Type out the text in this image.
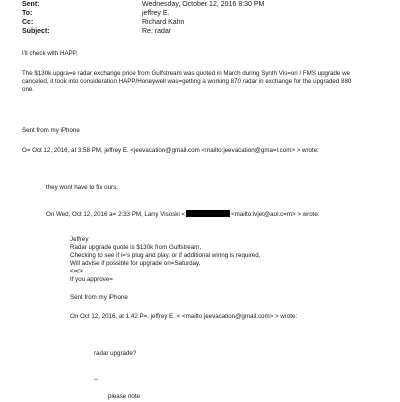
Sent:	Wednesday, October 12, 2016 8:30 PM
To:	jeffrey E.
Cc:	Richard Kahn
Subject:	Re: radar
I'll check with HAPP,
The $130k upgra=e radar exchange price from Gulfstream was quoted in March during Synth Vis=on / FMS upgrade we
canceled, it took into consideration HAPP/Honeywell was=getting a working 870 radar in exchange for the upgraded 880
one.
Sent from my iPhone
O= Oct 12, 2016, at 3:58 PM, jeffrey E. <jeevacation@gmail.com <mailto:jeevacation@gma=l.com> > wrote:
they wont have to fix ours.
On Wed, Oct 12, 2016 a= 2:33 PM, Larry Visoski <	<mailto:lvjet@aol.c=m> > wrote:
Jeffrey
Radar upgrade quote is $130k from Gulfstream,
Checking to see if i='s plug and play, or if additional wiring is required,
Will advise if possible for upgrade on=Saturday,
<=r>
If you approve=
Sent from my iPhone
On Oct 12, 2016, at 1:42 P=, jeffrey E. < <mailto:jeevacation@gmail.com> > wrote:
radar upgrade?
--
please note
